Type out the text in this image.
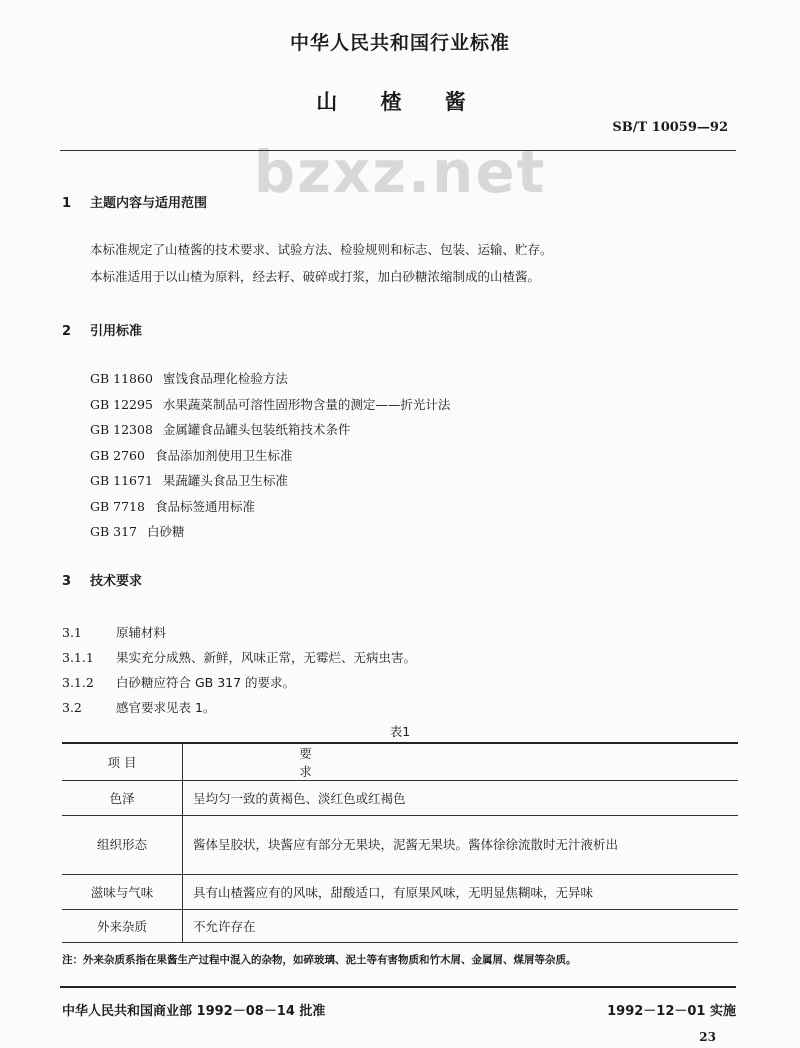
中华人民共和国行业标准
bzxz.net
山 楂 酱
SB/T 10059—92
1 主题内容与适用范围
本标准规定了山楂酱的技术要求、试验方法、检验规则和标志、包装、运输、贮存。
本标准适用于以山楂为原料，经去籽、破碎或打浆，加白砂糖浓缩制成的山楂酱。
2 引用标准
GB 11860 蜜饯食品理化检验方法
GB 12295 水果蔬菜制品可溶性固形物含量的测定——折光计法
GB 12308 金属罐食品罐头包装纸箱技术条件
GB 2760 食品添加剂使用卫生标准
GB 11671 果蔬罐头食品卫生标准
GB 7718 食品标签通用标准
GB 317 白砂糖
3 技术要求
3.1	原辅材料
3.1.1 果实充分成熟、新鲜，风味正常，无霉烂、无病虫害。
3.1.2 白砂糖应符合 GB 317 的要求。
3.2	感官要求见表 1。
表1
项 目	要求
色泽	呈均匀一致的黄褐色、淡红色或红褐色
组织形态	酱体呈胶状，块酱应有部分无果块，泥酱无果块。酱体徐徐流散时无汁液析出
滋味与气味	具有山楂酱应有的风味，甜酸适口，有原果风味，无明显焦糊味，无异味
外来杂质	不允许存在
注：外来杂质系指在果酱生产过程中混入的杂物，如碎玻璃、泥土等有害物质和竹木屑、金属屑、煤屑等杂质。
中华人民共和国商业部 1992－08－14 批准	1992－12－01 实施
23
